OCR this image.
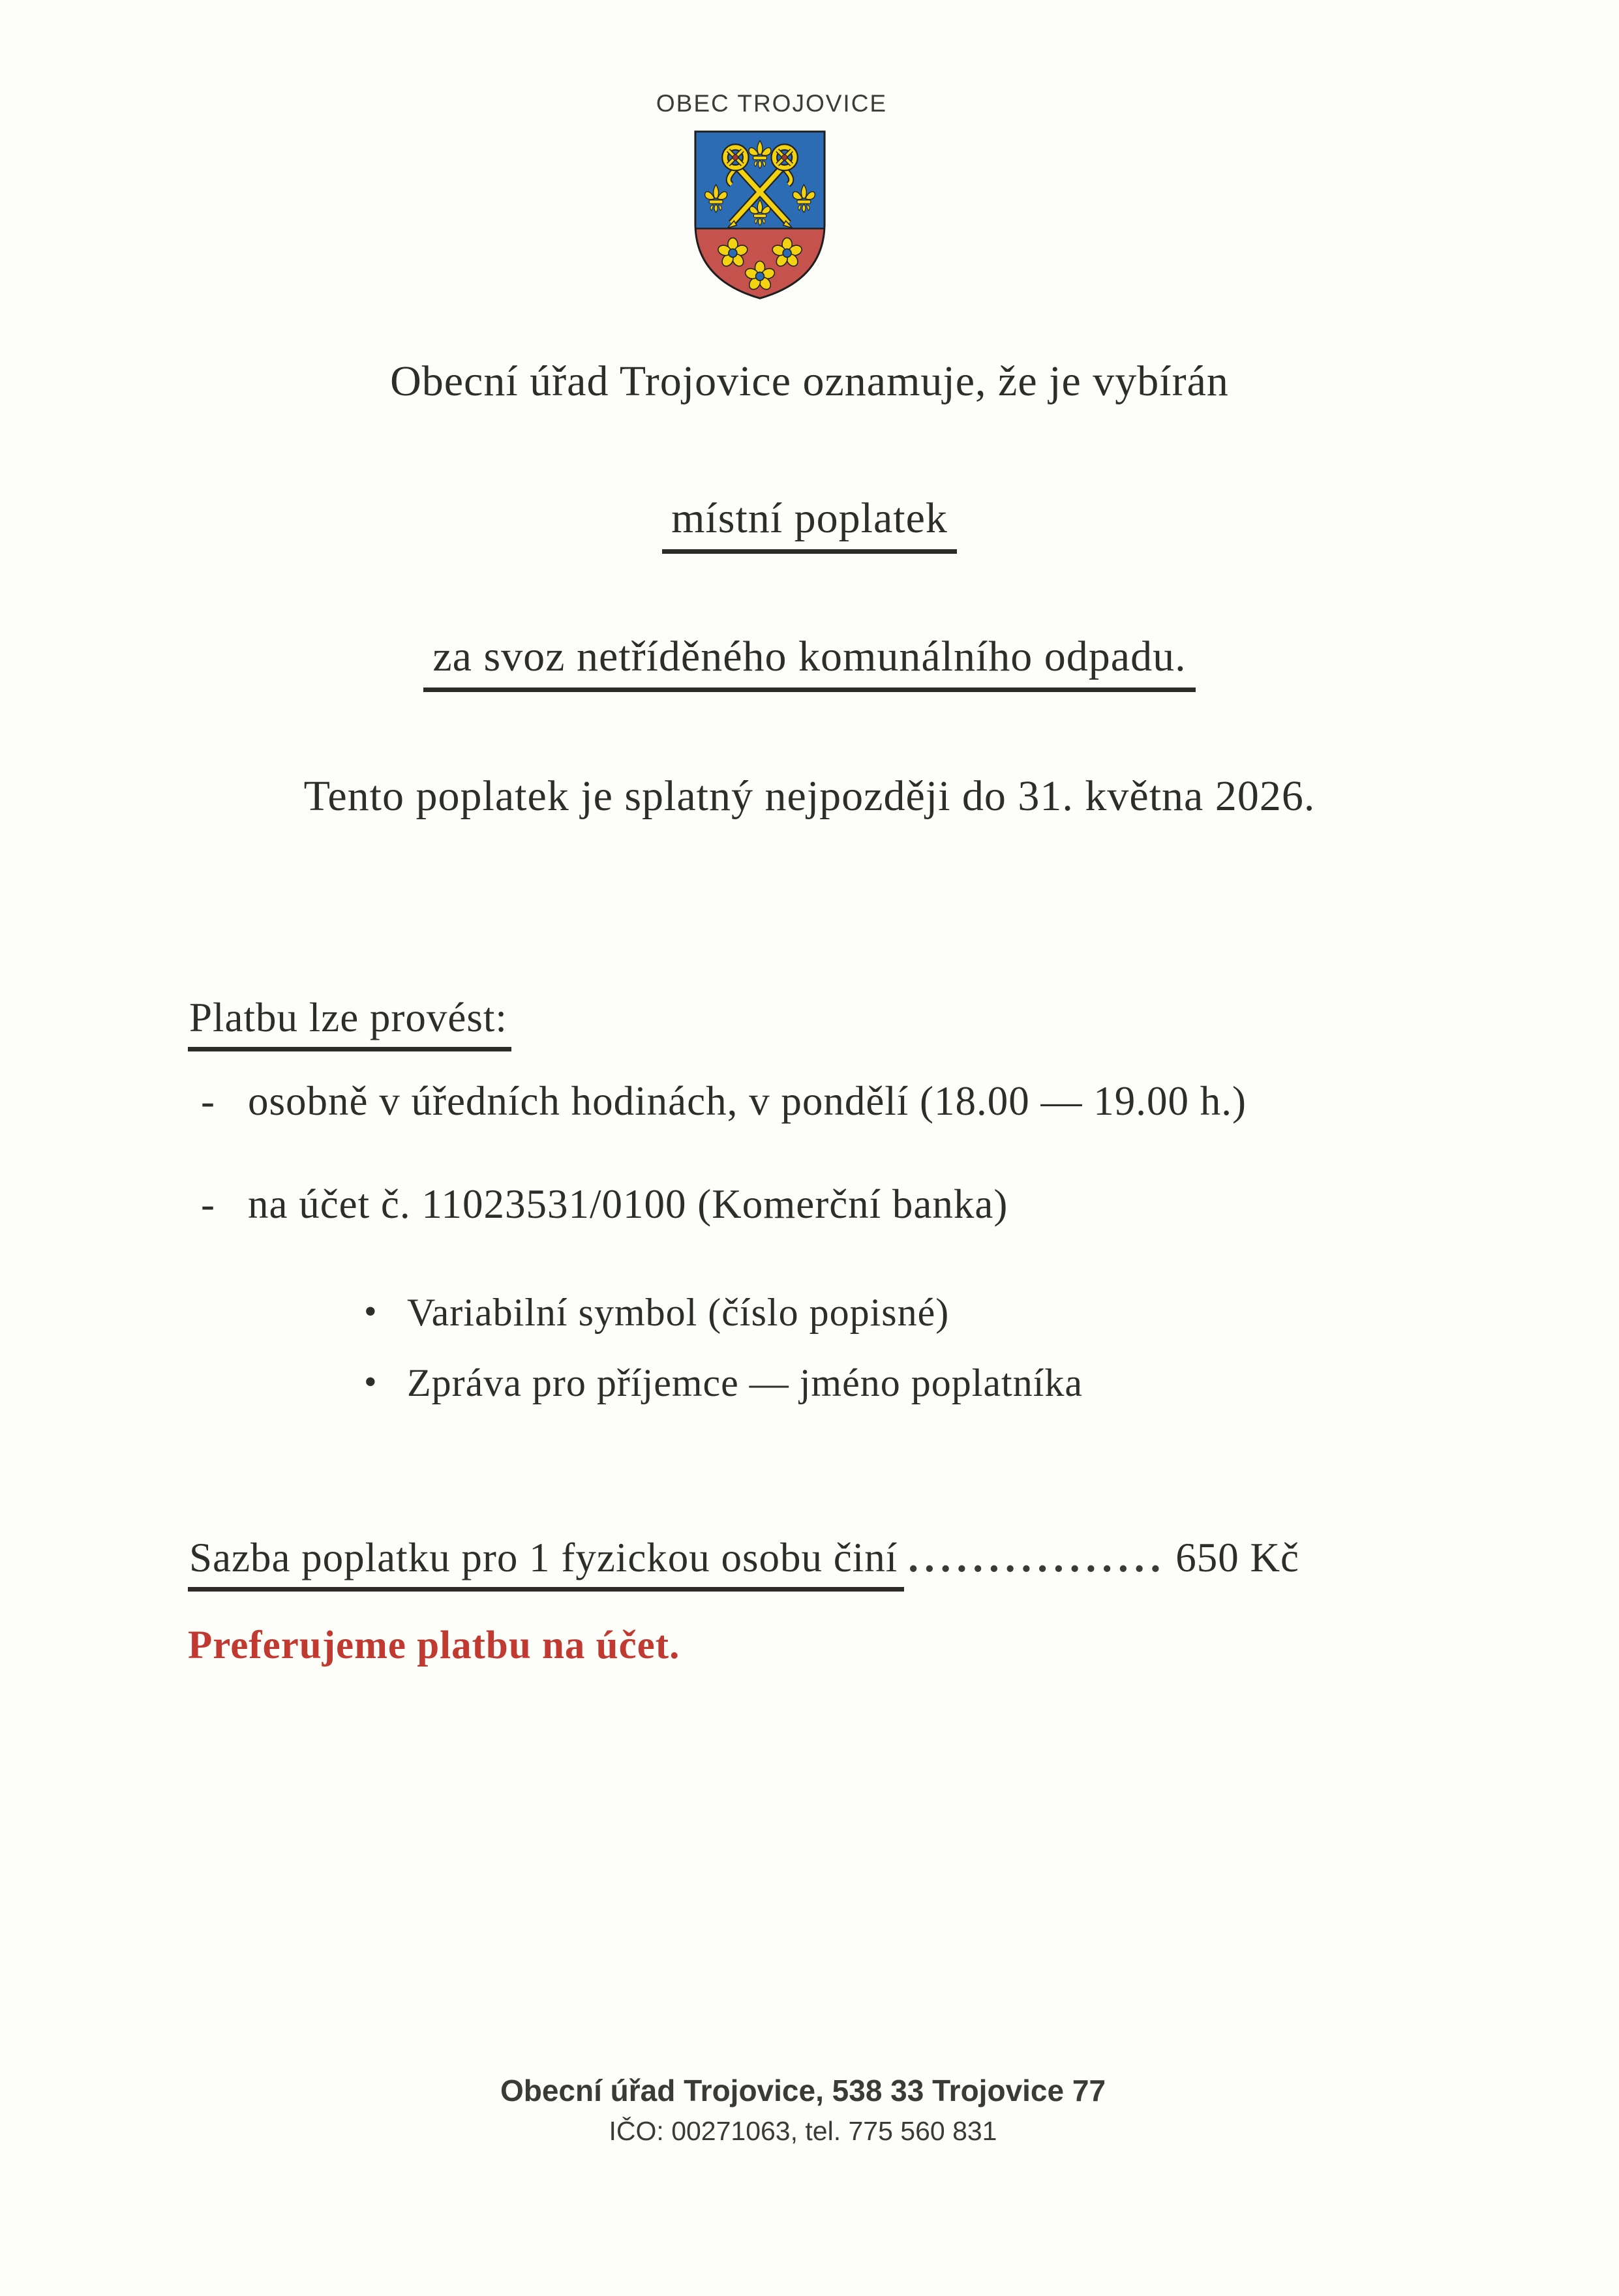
OBEC TROJOVICE
Obecní úřad Trojovice oznamuje, že je vybírán
místní poplatek
za svoz netříděného komunálního odpadu.
Tento poplatek je splatný nejpozději do 31. května 2026.
Platbu lze provést:
- osobně v úředních hodinách, v pondělí (18.00 — 19.00 h.)
- na účet č. 11023531/0100 (Komerční banka)
• Variabilní symbol (číslo popisné)
• Zpráva pro příjemce — jméno poplatníka
Sazba poplatku pro 1 fyzickou osobu činí ................ 650 Kč
Preferujeme platbu na účet.
Obecní úřad Trojovice, 538 33 Trojovice 77
IČO: 00271063, tel. 775 560 831
